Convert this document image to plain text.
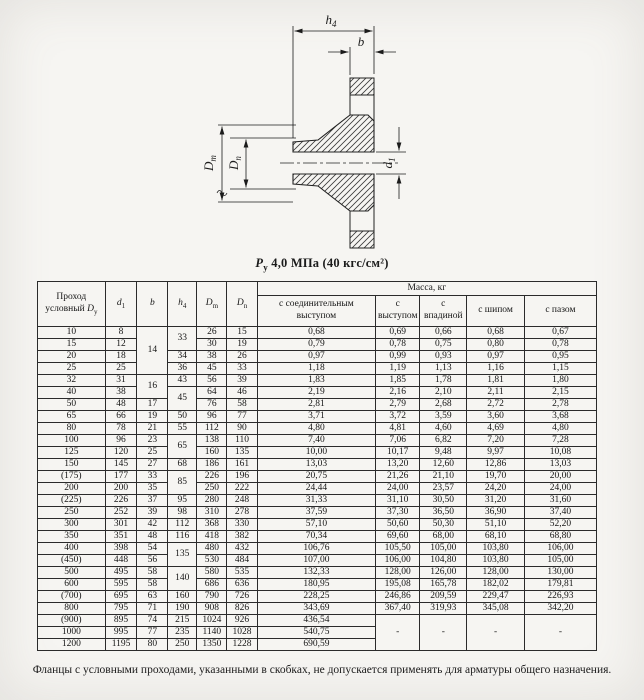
$h_4$
b
$D_m$
$D_n$
$d_1$
$P_у$ 4,0 МПа (40 кгс/см²)
Проход условный $D_у$	$d_1$	b	$h_4$	$D_m$	$D_n$	Масса, кг				
						с соединительным выступом	с выступом	с впадиной	с шипом	с пазом
10	8	14	33	26	15	0,68	0,69	0,66	0,68	0,67
15	12			30	19	0,79	0,78	0,75	0,80	0,78
20	18		34	38	26	0,97	0,99	0,93	0,97	0,95
25	25		36	45	33	1,18	1,19	1,13	1,16	1,15
32	31	16	43	56	39	1,83	1,85	1,78	1,81	1,80
40	38		45	64	46	2,19	2,16	2,10	2,11	2,15
50	48	17		76	58	2,81	2,79	2,68	2,72	2,78
65	66	19	50	96	77	3,71	3,72	3,59	3,60	3,68
80	78	21	55	112	90	4,80	4,81	4,60	4,69	4,80
100	96	23	65	138	110	7,40	7,06	6,82	7,20	7,28
125	120	25		160	135	10,00	10,17	9,48	9,97	10,08
150	145	27	68	186	161	13,03	13,20	12,60	12,86	13,03
(175)	177	33	85	226	196	20,75	21,26	21,10	19,70	20,00
200	200	35		250	222	24,44	24,00	23,57	24,20	24,00
(225)	226	37	95	280	248	31,33	31,10	30,50	31,20	31,60
250	252	39	98	310	278	37,59	37,30	36,50	36,90	37,40
300	301	42	112	368	330	57,10	50,60	50,30	51,10	52,20
350	351	48	116	418	382	70,34	69,60	68,00	68,10	68,80
400	398	54	135	480	432	106,76	105,50	105,00	103,80	106,00
(450)	448	56		530	484	107,00	106,00	104,80	103,80	105,00
500	495	58	140	580	535	132,33	128,00	126,00	128,00	130,00
600	595	58		686	636	180,95	195,08	165,78	182,02	179,81
(700)	695	63	160	790	726	228,25	246,86	209,59	229,47	226,93
800	795	71	190	908	826	343,69	367,40	319,93	345,08	342,20
(900)	895	74	215	1024	926	436,54	-	-	-	-
1000	995	77	235	1140	1028	540,75				
1200	1195	80	250	1350	1228	690,59				
Фланцы с условными проходами, указанными в скобках, не допускается применять для арматуры общего назначения.
